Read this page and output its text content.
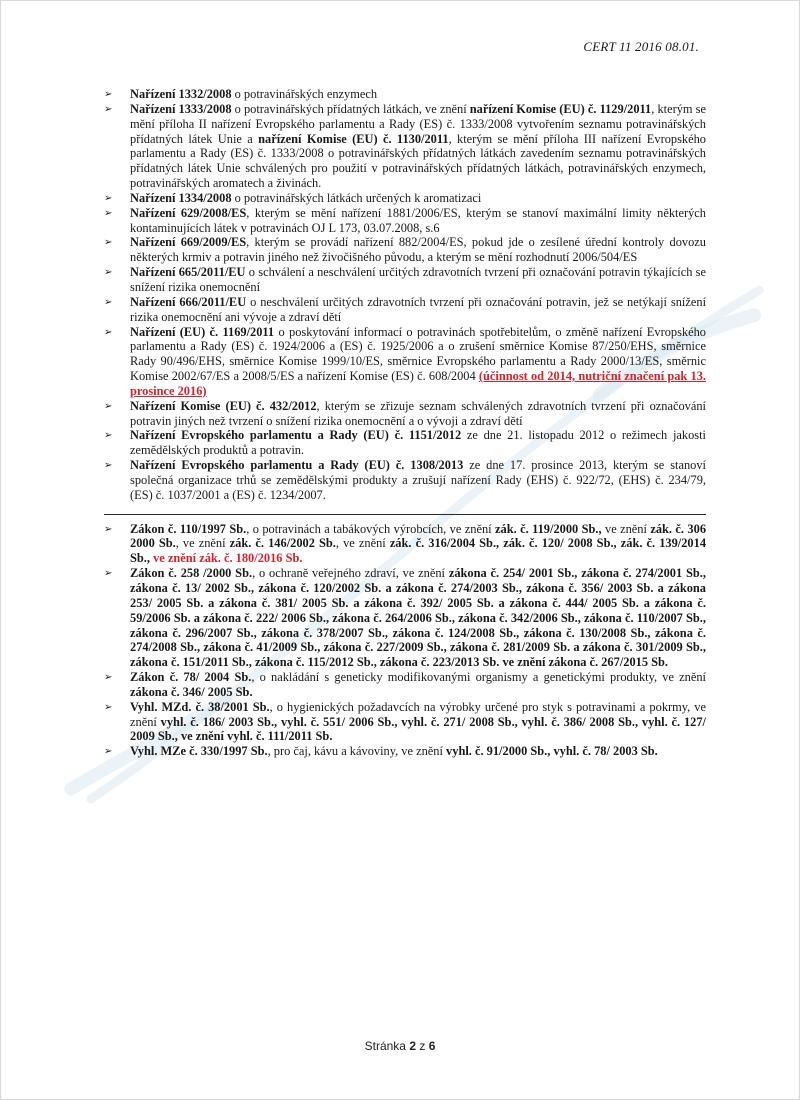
CERT 11 2016 08.01.
➢	Nařízení 1332/2008 o potravinářských enzymech
➢	Nařízení 1333/2008 o potravinářských přídatných látkách, ve znění nařízení Komise (EU) č. 1129/2011, kterým se mění příloha II nařízení Evropského parlamentu a Rady (ES) č. 1333/2008 vytvořením seznamu potravinářských přídatných látek Unie a nařízení Komise (EU) č. 1130/2011, kterým se mění příloha III nařízení Evropského parlamentu a Rady (ES) č. 1333/2008 o potravinářských přídatných látkách zavedením seznamu potravinářských přídatných látek Unie schválených pro použití v potravinářských přídatných látkách, potravinářských enzymech, potravinářských aromatech a živinách.
➢	Nařízení 1334/2008 o potravinářských látkách určených k aromatizaci
➢	Nařízení 629/2008/ES, kterým se mění nařízení 1881/2006/ES, kterým se stanoví maximální limity některých kontaminujících látek v potravinách OJ L 173, 03.07.2008, s.6
➢	Nařízení 669/2009/ES, kterým se provádí nařízení 882/2004/ES, pokud jde o zesílené úřední kontroly dovozu některých krmiv a potravin jiného než živočišného původu, a kterým se mění rozhodnutí 2006/504/ES
➢	Nařízení 665/2011/EU o schválení a neschválení určitých zdravotních tvrzení při označování potravin týkajících se snížení rizika onemocnění
➢	Nařízení 666/2011/EU o neschválení určitých zdravotních tvrzení při označování potravin, jež se netýkají snížení rizika onemocnění ani vývoje a zdraví dětí
➢	Nařízení (EU) č. 1169/2011 o poskytování informací o potravinách spotřebitelům, o změně nařízení Evropského parlamentu a Rady (ES) č. 1924/2006 a (ES) č. 1925/2006 a o zrušení směrnice Komise 87/250/EHS, směrnice Rady 90/496/EHS, směrnice Komise 1999/10/ES, směrnice Evropského parlamentu a Rady 2000/13/ES, směrnic Komise 2002/67/ES a 2008/5/ES a nařízení Komise (ES) č. 608/2004 (účinnost od 2014, nutriční značení pak 13. prosince 2016)
➢	Nařízení Komise (EU) č. 432/2012, kterým se zřizuje seznam schválených zdravotních tvrzení při označování potravin jiných než tvrzení o snížení rizika onemocnění a o vývoji a zdraví dětí
➢	Nařízení Evropského parlamentu a Rady (EU) č. 1151/2012 ze dne 21. listopadu 2012 o režimech jakosti zemědělských produktů a potravin.
➢	Nařízení Evropského parlamentu a Rady (EU) č. 1308/2013 ze dne 17. prosince 2013, kterým se stanoví společná organizace trhů se zemědělskými produkty a zrušují nařízení Rady (EHS) č. 922/72, (EHS) č. 234/79, (ES) č. 1037/2001 a (ES) č. 1234/2007.
➢	Zákon č. 110/1997 Sb., o potravinách a tabákových výrobcích, ve znění zák. č. 119/2000 Sb., ve znění zák. č. 306 2000 Sb., ve znění zák. č. 146/2002 Sb., ve znění zák. č. 316/2004 Sb., zák. č. 120/ 2008 Sb., zák. č. 139/2014 Sb., ve znění zák. č. 180/2016 Sb.
➢	Zákon č. 258 /2000 Sb., o ochraně veřejného zdraví, ve znění zákona č. 254/ 2001 Sb., zákona č. 274/2001 Sb., zákona č. 13/ 2002 Sb., zákona č. 120/2002 Sb. a zákona č. 274/2003 Sb., zákona č. 356/ 2003 Sb. a zákona 253/ 2005 Sb. a zákona č. 381/ 2005 Sb. a zákona č. 392/ 2005 Sb. a zákona č. 444/ 2005 Sb. a zákona č. 59/2006 Sb. a zákona č. 222/ 2006 Sb., zákona č. 264/2006 Sb., zákona č. 342/2006 Sb., zákona č. 110/2007 Sb., zákona č. 296/2007 Sb., zákona č. 378/2007 Sb., zákona č. 124/2008 Sb., zákona č. 130/2008 Sb., zákona č. 274/2008 Sb., zákona č. 41/2009 Sb., zákona č. 227/2009 Sb., zákona č. 281/2009 Sb. a zákona č. 301/2009 Sb., zákona č. 151/2011 Sb., zákona č. 115/2012 Sb., zákona č. 223/2013 Sb. ve znění zákona č. 267/2015 Sb.
➢	Zákon č. 78/ 2004 Sb., o nakládání s geneticky modifikovanými organismy a genetickými produkty, ve znění zákona č. 346/ 2005 Sb.
➢	Vyhl. MZd. č. 38/2001 Sb., o hygienických požadavcích na výrobky určené pro styk s potravinami a pokrmy, ve znění vyhl. č. 186/ 2003 Sb., vyhl. č. 551/ 2006 Sb., vyhl. č. 271/ 2008 Sb., vyhl. č. 386/ 2008 Sb., vyhl. č. 127/ 2009 Sb., ve znění vyhl. č. 111/2011 Sb.
➢	Vyhl. MZe č. 330/1997 Sb., pro čaj, kávu a kávoviny, ve znění vyhl. č. 91/2000 Sb., vyhl. č. 78/ 2003 Sb.
Stránka 2 z 6
